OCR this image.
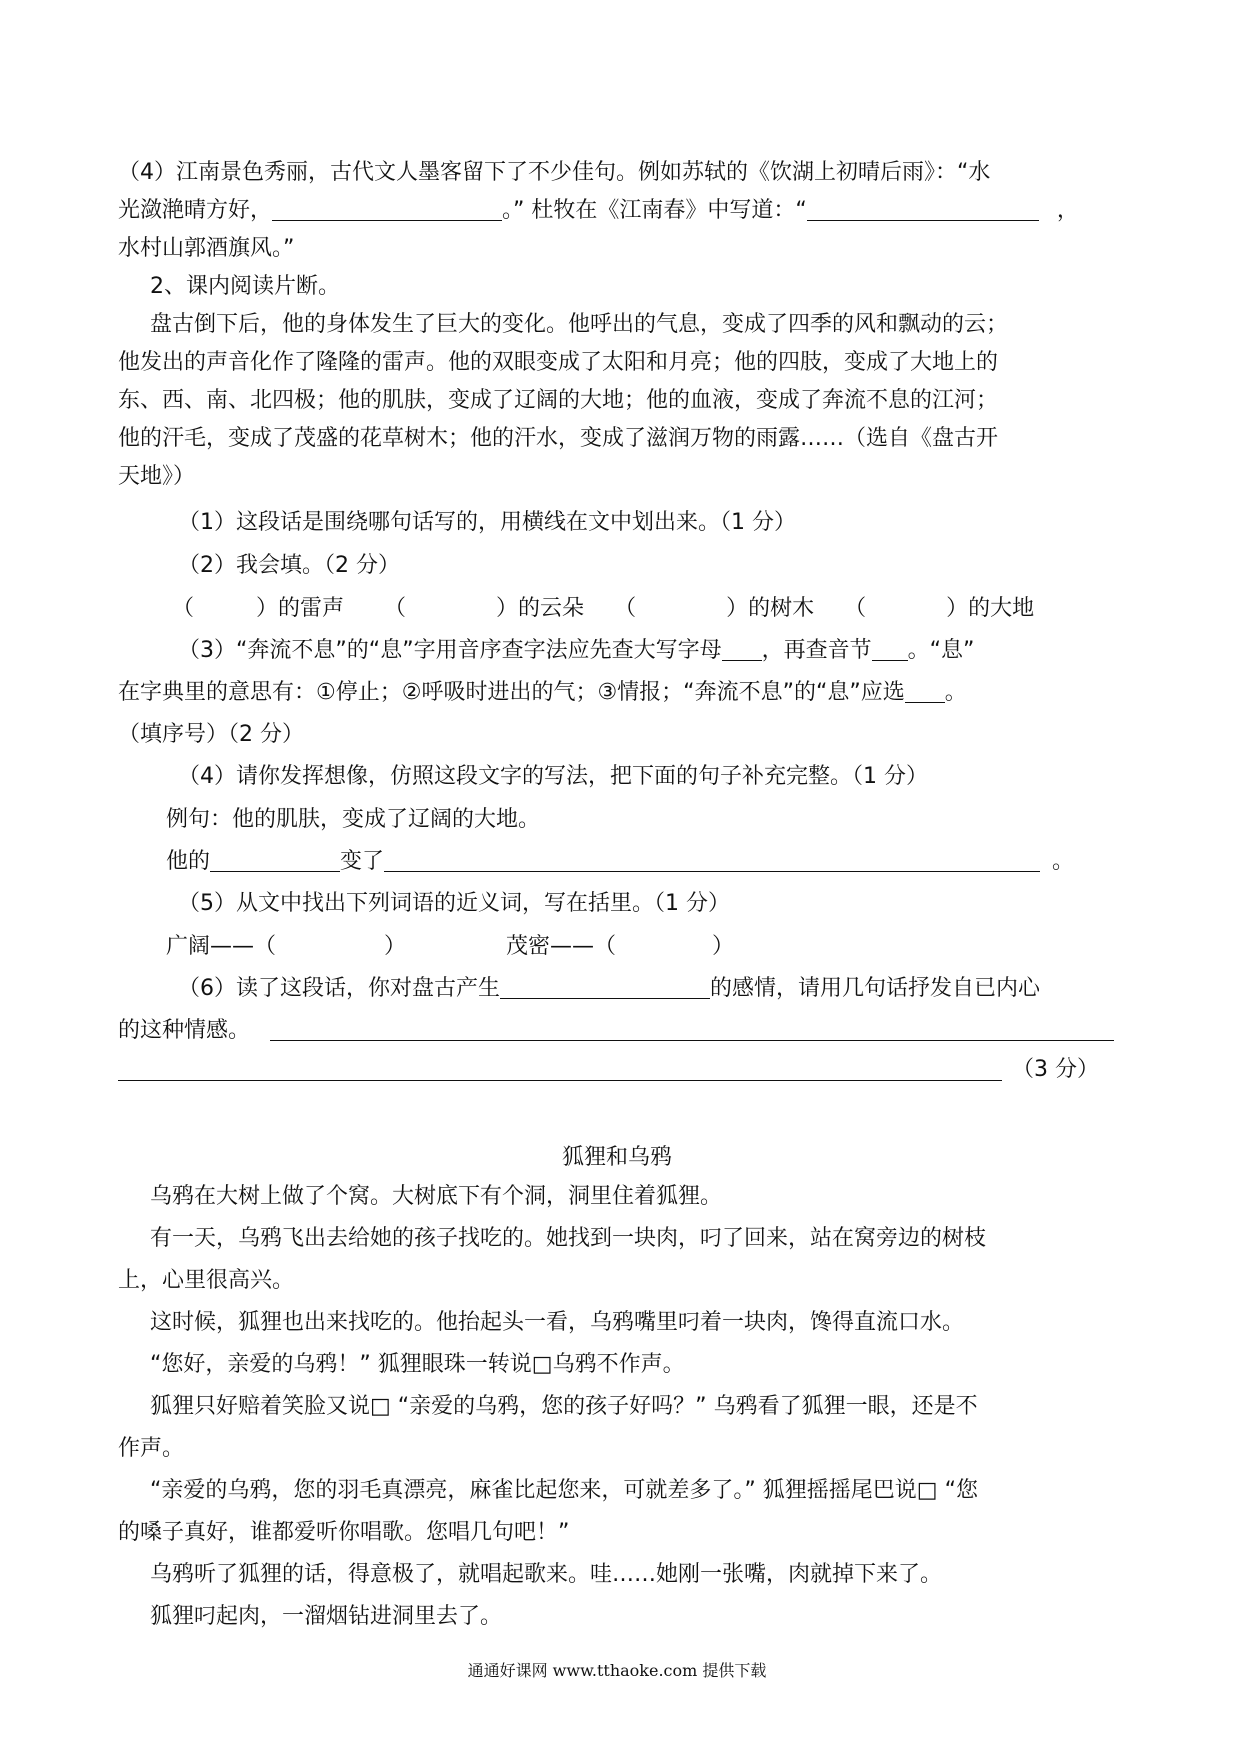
（4）江南景色秀丽，古代文人墨客留下了不少佳句。例如苏轼的《饮湖上初晴后雨》：“水
光潋滟晴方好，	。” 杜牧在《江南春》中写道：“	，
水村山郭酒旗风。”
2、课内阅读片断。
盘古倒下后，他的身体发生了巨大的变化。他呼出的气息，变成了四季的风和飘动的云；
他发出的声音化作了隆隆的雷声。他的双眼变成了太阳和月亮；他的四肢，变成了大地上的
东、西、南、北四极；他的肌肤，变成了辽阔的大地；他的血液，变成了奔流不息的江河；
他的汗毛，变成了茂盛的花草树木；他的汗水，变成了滋润万物的雨露……（选自《盘古开
天地》）
（1）这段话是围绕哪句话写的，用横线在文中划出来。（1 分）
（2）我会填。（2 分）
（	）的雷声 （	）的云朵 （	）的树木 （	）的大地
（3）“奔流不息”的“息”字用音序查字法应先查大写字母 ，再查音节 。“息”
在字典里的意思有：①停止；②呼吸时进出的气；③情报；“奔流不息”的“息”应选 。
（填序号）（2 分）
（4）请你发挥想像，仿照这段文字的写法，把下面的句子补充完整。（1 分）
例句：他的肌肤，变成了辽阔的大地。
他的	变了	。
（5）从文中找出下列词语的近义词，写在括里。（1 分）
广阔——（	）	茂密——（	）
（6）读了这段话，你对盘古产生	的感情，请用几句话抒发自已内心
的这种情感。
（3 分）
狐狸和乌鸦
乌鸦在大树上做了个窝。大树底下有个洞，洞里住着狐狸。
有一天，乌鸦飞出去给她的孩子找吃的。她找到一块肉，叼了回来，站在窝旁边的树枝
上，心里很高兴。
这时候，狐狸也出来找吃的。他抬起头一看，乌鸦嘴里叼着一块肉，馋得直流口水。
“您好，亲爱的乌鸦！” 狐狸眼珠一转说□乌鸦不作声。
狐狸只好赔着笑脸又说□ “亲爱的乌鸦，您的孩子好吗？” 乌鸦看了狐狸一眼，还是不
作声。
“亲爱的乌鸦，您的羽毛真漂亮，麻雀比起您来，可就差多了。” 狐狸摇摇尾巴说□ “您
的嗓子真好，谁都爱听你唱歌。您唱几句吧！”
乌鸦听了狐狸的话，得意极了，就唱起歌来。哇……她刚一张嘴，肉就掉下来了。
狐狸叼起肉，一溜烟钻进洞里去了。
通通好课网 www.tthaoke.com 提供下载
